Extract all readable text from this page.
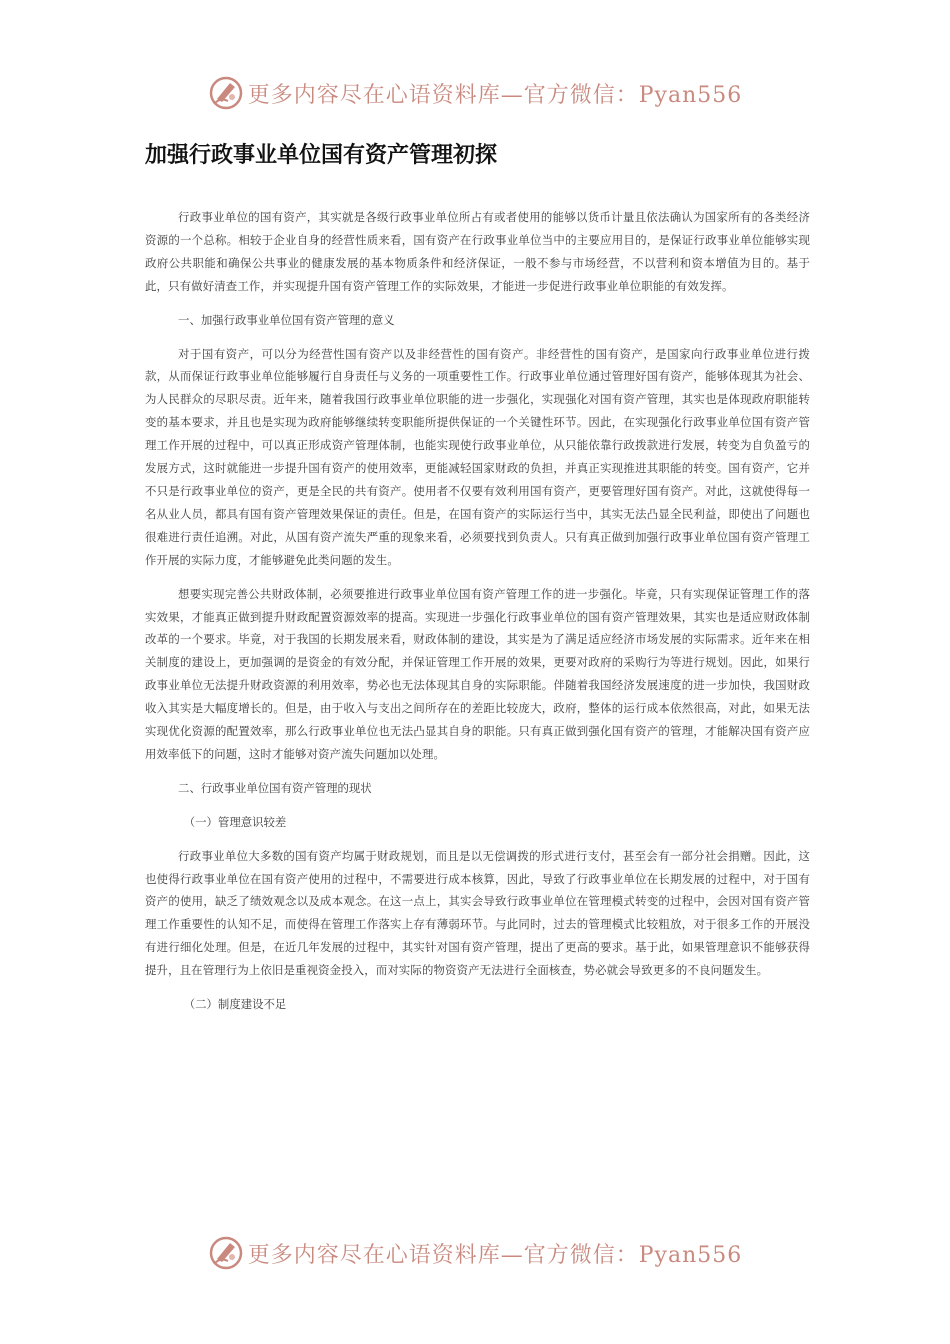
更多内容尽在心语资料库—官方微信：Pyan556
加强行政事业单位国有资产管理初探

行政事业单位的国有资产，其实就是各级行政事业单位所占有或者使用的能够以货币计量且依法确认为国家所有的各类经济资源的一个总称。相较于企业自身的经营性质来看，国有资产在行政事业单位当中的主要应用目的，是保证行政事业单位能够实现政府公共职能和确保公共事业的健康发展的基本物质条件和经济保证，一般不参与市场经营，不以营利和资本增值为目的。基于此，只有做好清查工作，并实现提升国有资产管理工作的实际效果，才能进一步促进行政事业单位职能的有效发挥。

一、加强行政事业单位国有资产管理的意义

对于国有资产，可以分为经营性国有资产以及非经营性的国有资产。非经营性的国有资产，是国家向行政事业单位进行拨款，从而保证行政事业单位能够履行自身责任与义务的一项重要性工作。行政事业单位通过管理好国有资产，能够体现其为社会、为人民群众的尽职尽责。近年来，随着我国行政事业单位职能的进一步强化，实现强化对国有资产管理，其实也是体现政府职能转变的基本要求，并且也是实现为政府能够继续转变职能所提供保证的一个关键性环节。因此，在实现强化行政事业单位国有资产管理工作开展的过程中，可以真正形成资产管理体制，也能实现使行政事业单位，从只能依靠行政拨款进行发展，转变为自负盈亏的发展方式，这时就能进一步提升国有资产的使用效率，更能减轻国家财政的负担，并真正实现推进其职能的转变。国有资产，它并不只是行政事业单位的资产，更是全民的共有资产。使用者不仅要有效利用国有资产，更要管理好国有资产。对此，这就使得每一名从业人员，都具有国有资产管理效果保证的责任。但是，在国有资产的实际运行当中，其实无法凸显全民利益，即使出了问题也很难进行责任追溯。对此，从国有资产流失严重的现象来看，必须要找到负责人。只有真正做到加强行政事业单位国有资产管理工作开展的实际力度，才能够避免此类问题的发生。

想要实现完善公共财政体制，必须要推进行政事业单位国有资产管理工作的进一步强化。毕竟，只有实现保证管理工作的落实效果，才能真正做到提升财政配置资源效率的提高。实现进一步强化行政事业单位的国有资产管理效果，其实也是适应财政体制改革的一个要求。毕竟，对于我国的长期发展来看，财政体制的建设，其实是为了满足适应经济市场发展的实际需求。近年来在相关制度的建设上，更加强调的是资金的有效分配，并保证管理工作开展的效果，更要对政府的采购行为等进行规划。因此，如果行政事业单位无法提升财政资源的利用效率，势必也无法体现其自身的实际职能。伴随着我国经济发展速度的进一步加快，我国财政收入其实是大幅度增长的。但是，由于收入与支出之间所存在的差距比较庞大，政府，整体的运行成本依然很高，对此，如果无法实现优化资源的配置效率，那么行政事业单位也无法凸显其自身的职能。只有真正做到强化国有资产的管理，才能解决国有资产应用效率低下的问题，这时才能够对资产流失问题加以处理。

二、行政事业单位国有资产管理的现状

（一）管理意识较差

行政事业单位大多数的国有资产均属于财政规划，而且是以无偿调拨的形式进行支付，甚至会有一部分社会捐赠。因此，这也使得行政事业单位在国有资产使用的过程中，不需要进行成本核算，因此，导致了行政事业单位在长期发展的过程中，对于国有资产的使用，缺乏了绩效观念以及成本观念。在这一点上，其实会导致行政事业单位在管理模式转变的过程中，会因对国有资产管理工作重要性的认知不足，而使得在管理工作落实上存有薄弱环节。与此同时，过去的管理模式比较粗放，对于很多工作的开展没有进行细化处理。但是，在近几年发展的过程中，其实针对国有资产管理，提出了更高的要求。基于此，如果管理意识不能够获得提升，且在管理行为上依旧是重视资金投入，而对实际的物资资产无法进行全面核查，势必就会导致更多的不良问题发生。

（二）制度建设不足

更多内容尽在心语资料库—官方微信：Pyan556
